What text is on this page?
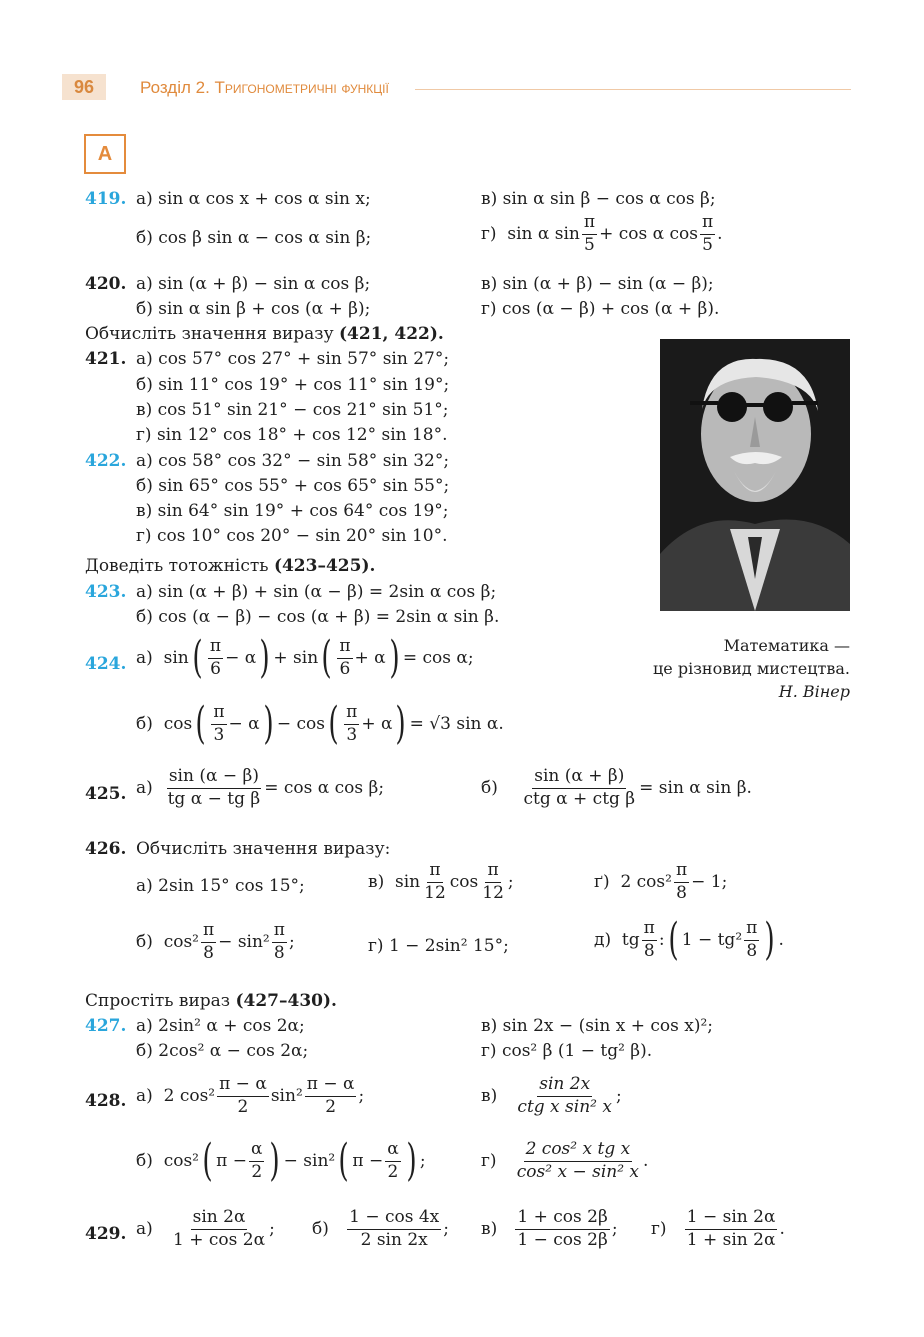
96	Розділ 2. Тригонометричні функції
А
419. а) sin α cos x + cos α sin x;	в) sin α sin β − cos α cos β;
б) cos β sin α − cos α sin β;	г)
sin α $\sin \frac{\pi}{5} + \cos \alpha$ $\cos \frac{\pi}{5}$ .
420. а) sin (α + β) − sin α cos β;	в) sin (α + β) − sin (α − β);
б) sin α sin β + cos (α + β);	г) cos (α − β) + cos (α + β).
Обчисліть значення виразу (421, 422).
421. а) cos 57° cos 27° + sin 57° sin 27°;
б) sin 11° cos 19° + cos 11° sin 19°;
в) cos 51° sin 21° − cos 21° sin 51°;
г) sin 12° cos 18° + cos 12° sin 18°.
422. а) cos 58° cos 32° − sin 58° sin 32°;
б) sin 65° cos 55° + cos 65° sin 55°;
в) sin 64° sin 19° + cos 64° cos 19°;
г) cos 10° cos 20° − sin 20° sin 10°.
Доведіть тотожність (423–425).
423. а) sin (α + β) + sin (α − β) = 2sin α cos β;
б) cos (α − β) − cos (α + β) = 2sin α sin β.
424. а)
sin ( $\frac{\pi}{6} - \alpha$ ) + sin ( $\frac{\pi}{6} + \alpha$ ) = cos α;
б)
cos ( $\frac{\pi}{3} - \alpha$ ) − cos ( $\frac{\pi}{3} + \alpha$ ) = √3 sin α.
425. а)
$\frac{\sin (\alpha - \beta)}{\text{tg α − tg β}} = \cos \alpha$ cos β;	б)
$\frac{\sin (\alpha + \beta)}{\text{ctg α + ctg β}} = \sin \alpha$ sin β.
426. Обчисліть значення виразу:
а) 2sin 15° cos 15°;	в)
$\sin \frac{\pi}{12}$ $\cos \frac{\pi}{12}$ ;	ґ)
2 $\cos^2 \frac{\pi}{8} - 1$;
б)
$\cos^2 \frac{\pi}{8} - \sin^2 \frac{\pi}{8}$ ;	г) 1 − 2sin² 15°;	д)
tg $\frac{\pi}{8}$ : ( $1 - tg^2 \frac{\pi}{8}$ ) .
Спростіть вираз (427–430).
427. а) 2sin² α + cos 2α;	в) sin 2x − (sin x + cos x)²;
б) 2cos² α − cos 2α;	г) cos² β (1 − tg² β).
428. а)
2 $\cos^2 \frac{\pi - \alpha}{2} \sin^2 \frac{\pi - \alpha}{2}$ ;	в)
$\frac{\sin 2x}{\text{ctg x sin² x}}$ ;
б)
cos² ( $\pi - \frac{\alpha}{2}$ ) − sin² ( $\pi - \frac{\alpha}{2}$ ) ;	г)
$\frac{\text{2 cos² x tg x}}{\text{cos² x − sin² x}}$ .
429. а)
$\frac{\sin 2\alpha}{1 + \cos 2\alpha}$ ; б)
$\frac{1 - \cos 4x}{2 \sin 2x}$ ; в)
$\frac{1 + \cos 2\beta}{1 - \cos 2\beta}$ ; г)
$\frac{1 - \sin 2\alpha}{1 + \sin 2\alpha}$ .
Математика —
це різновид мистецтва.
Н. Вінер
